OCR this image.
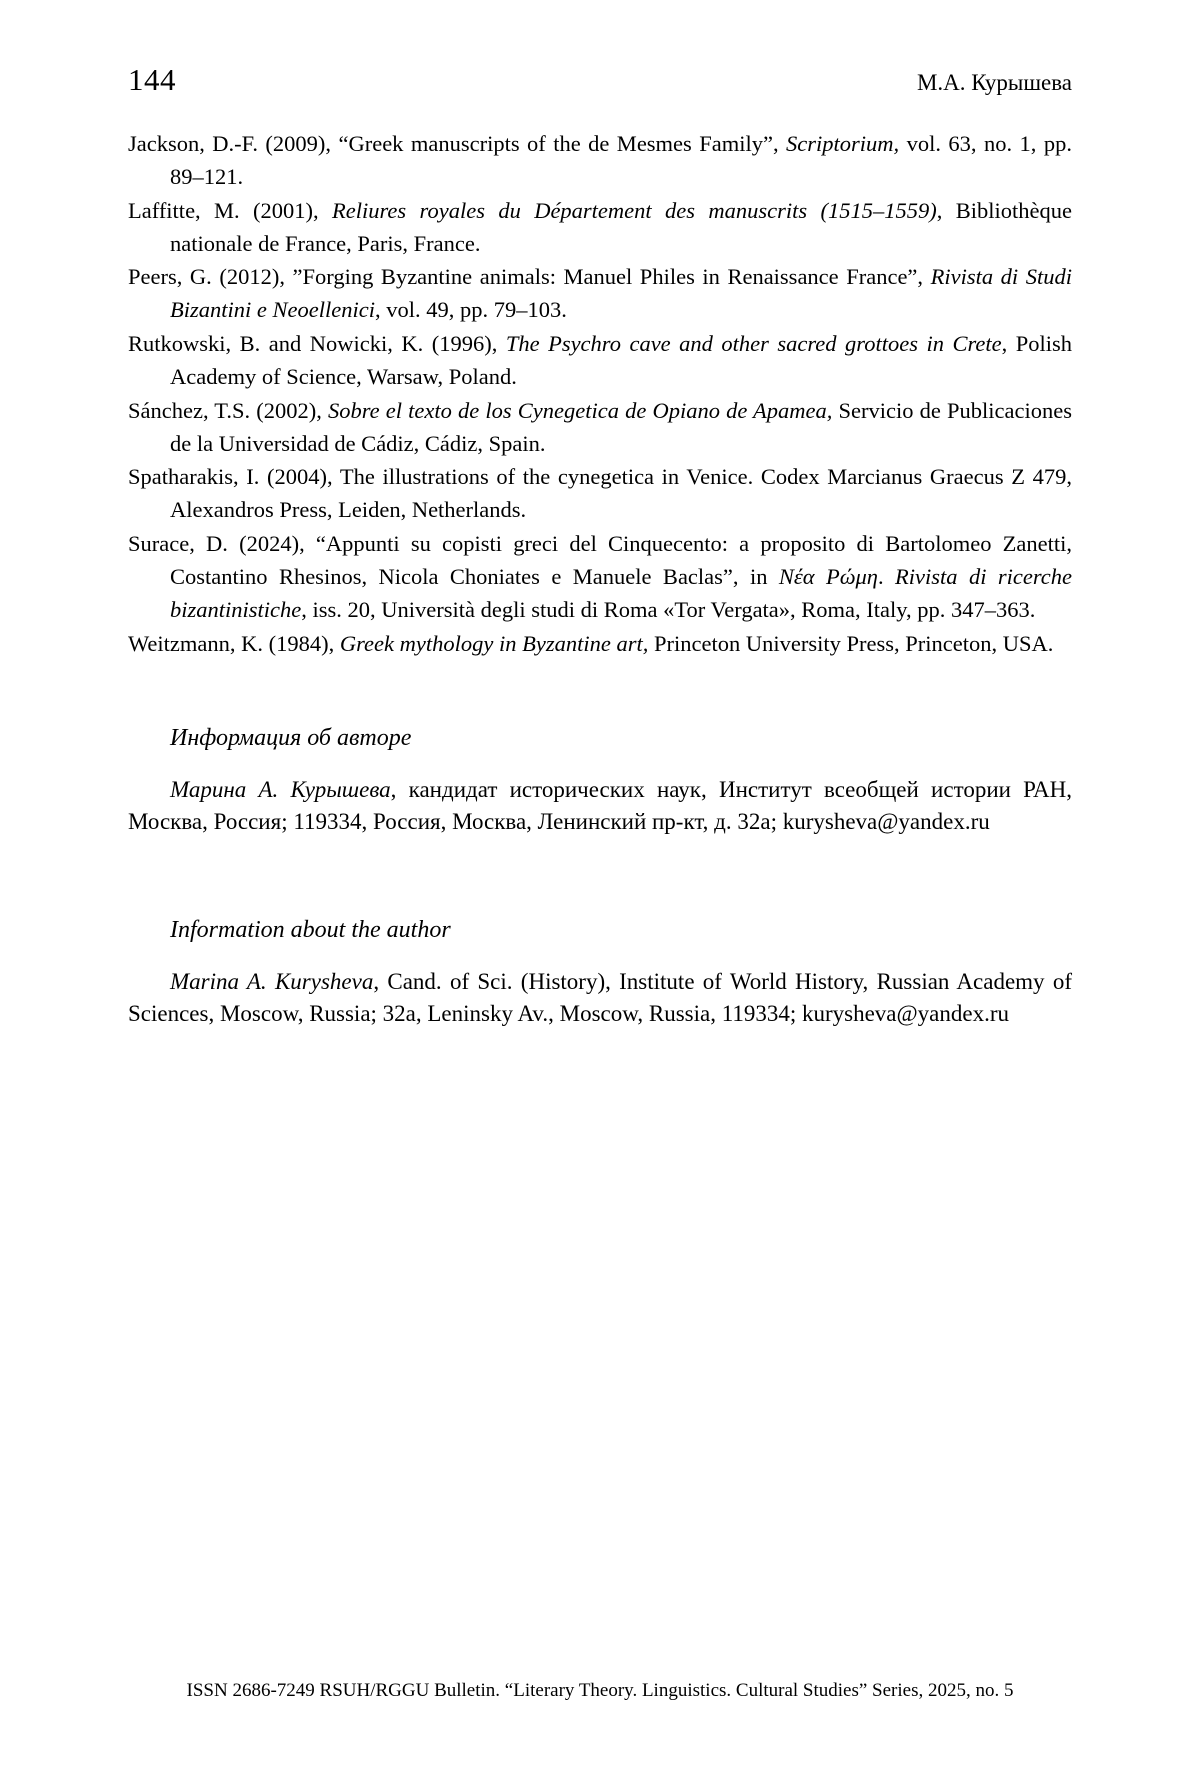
144	М.А. Курышева

Jackson, D.-F. (2009), “Greek manuscripts of the de Mesmes Family”, Scriptorium, vol. 63, no. 1, pp. 89–121.

Laffitte, M. (2001), Reliures royales du Département des manuscrits (1515–1559), Bibliothèque nationale de France, Paris, France.

Peers, G. (2012), ”Forging Byzantine animals: Manuel Philes in Renaissance France”, Rivista di Studi Bizantini e Neoellenici, vol. 49, pp. 79–103.

Rutkowski, B. and Nowicki, K. (1996), The Psychro cave and other sacred grottoes in Crete, Polish Academy of Science, Warsaw, Poland.

Sánchez, T.S. (2002), Sobre el texto de los Cynegetica de Opiano de Apamea, Servicio de Publicaciones de la Universidad de Cádiz, Cádiz, Spain.

Spatharakis, I. (2004), The illustrations of the cynegetica in Venice. Codex Marcianus Graecus Z 479, Alexandros Press, Leiden, Netherlands.

Surace, D. (2024), “Appunti su copisti greci del Cinquecento: a proposito di Bartolomeo Zanetti, Costantino Rhesinos, Nicola Choniates e Manuele Baclas”, in Νέα Ρώμη. Rivista di ricerche bizantinistiche, iss. 20, Università degli studi di Roma «Tor Vergata», Roma, Italy, pp. 347–363.

Weitzmann, K. (1984), Greek mythology in Byzantine art, Princeton University Press, Princeton, USA.

Информация об авторе

Марина А. Курышева, кандидат исторических наук, Институт всеобщей истории РАН, Москва, Россия; 119334, Россия, Москва, Ленинский пр-кт, д. 32а; kurysheva@yandex.ru

Information about the author

Marina A. Kurysheva, Cand. of Sci. (History), Institute of World History, Russian Academy of Sciences, Moscow, Russia; 32a, Leninsky Av., Moscow, Russia, 119334; kurysheva@yandex.ru

ISSN 2686-7249 RSUH/RGGU Bulletin. “Literary Theory. Linguistics. Cultural Studies” Series, 2025, no. 5
